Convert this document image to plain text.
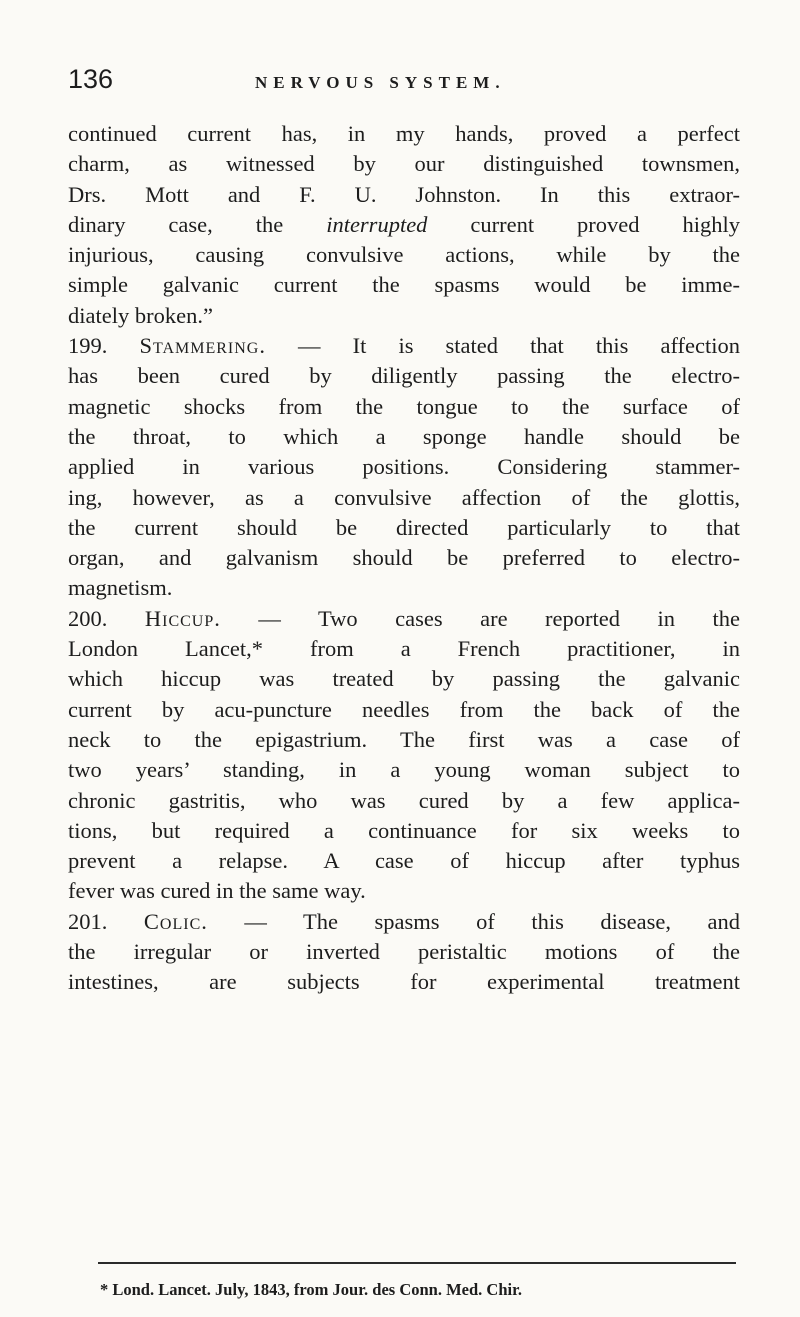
136	NERVOUS SYSTEM.
continued current has, in my hands, proved a perfect
charm, as witnessed by our distinguished townsmen,
Drs. Mott and F. U. Johnston. In this extraor-
dinary case, the interrupted current proved highly
injurious, causing convulsive actions, while by the
simple galvanic current the spasms would be imme-
diately broken.”
199. Stammering. — It is stated that this affection
has been cured by diligently passing the electro-
magnetic shocks from the tongue to the surface of
the throat, to which a sponge handle should be
applied in various positions. Considering stammer-
ing, however, as a convulsive affection of the glottis,
the current should be directed particularly to that
organ, and galvanism should be preferred to electro-
magnetism.
200. Hiccup. — Two cases are reported in the
London Lancet,* from a French practitioner, in
which hiccup was treated by passing the galvanic
current by acu-puncture needles from the back of the
neck to the epigastrium. The first was a case of
two years’ standing, in a young woman subject to
chronic gastritis, who was cured by a few applica-
tions, but required a continuance for six weeks to
prevent a relapse. A case of hiccup after typhus
fever was cured in the same way.
201. Colic. — The spasms of this disease, and
the irregular or inverted peristaltic motions of the
intestines, are subjects for experimental treatment
* Lond. Lancet. July, 1843, from Jour. des Conn. Med. Chir.
